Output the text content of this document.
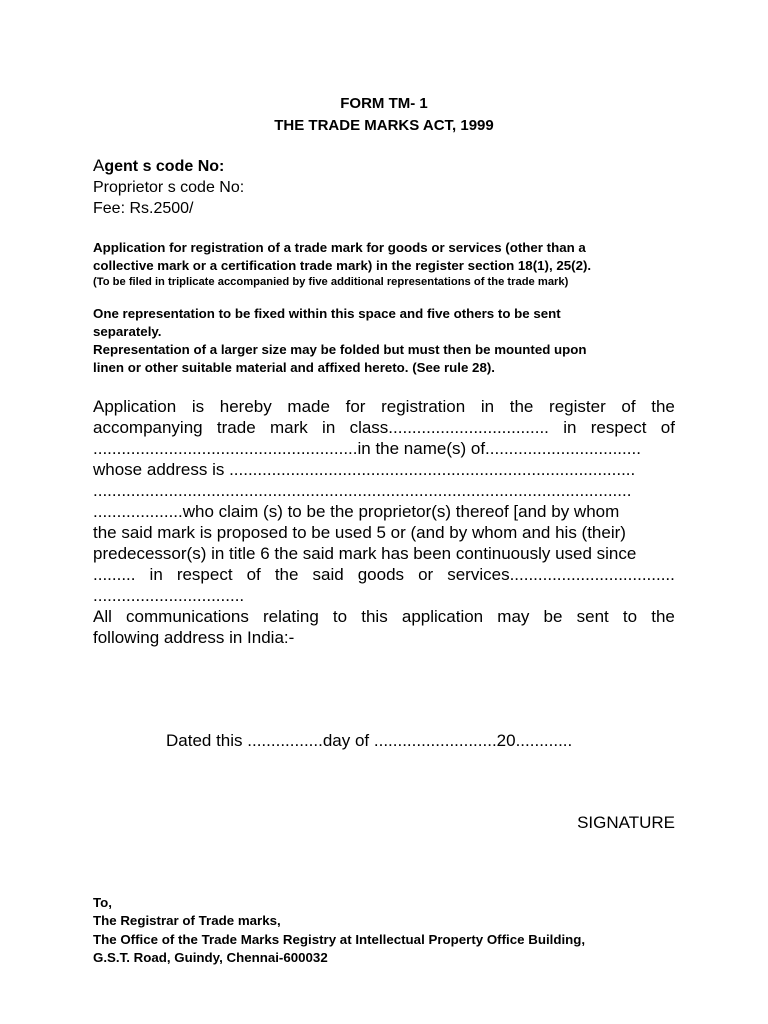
FORM TM- 1
THE TRADE MARKS ACT, 1999
Agent s code No:
Proprietor s code No:
Fee: Rs.2500/
Application for registration of a trade mark for goods or services (other than a
collective mark or a certification trade mark) in the register section 18(1), 25(2).
(To be filed in triplicate accompanied by five additional representations of the trade mark)
One representation to be fixed within this space and five others to be sent
separately.
Representation of a larger size may be folded but must then be mounted upon
linen or other suitable material and affixed hereto. (See rule 28).
Application is hereby made for registration in the register of the
accompanying trade mark in class.................................. in respect of
........................................................in the name(s) of.................................
whose address is ......................................................................................
..................................................................................................................
...................who claim (s) to be the proprietor(s) thereof [and by whom
the said mark is proposed to be used 5 or (and by whom and his (their)
predecessor(s) in title 6 the said mark has been continuously used since
......... in respect of the said goods or services...................................
................................
All communications relating to this application may be sent to the
following address in India:-
Dated this ................day of ..........................20............
SIGNATURE
To,
The Registrar of Trade marks,
The Office of the Trade Marks Registry at Intellectual Property Office Building,
G.S.T. Road, Guindy, Chennai-600032
